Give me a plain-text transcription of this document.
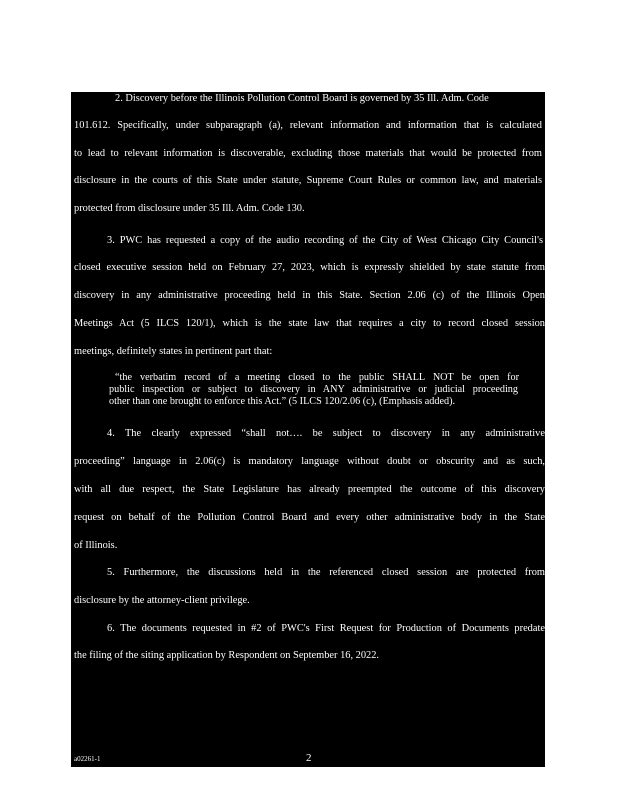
2. Discovery before the Illinois Pollution Control Board is governed by 35 Ill. Adm. Code
101.612. Specifically, under subparagraph (a), relevant information and information that is calculated
to lead to relevant information is discoverable, excluding those materials that would be protected from
disclosure in the courts of this State under statute, Supreme Court Rules or common law, and materials
protected from disclosure under 35 Ill. Adm. Code 130.
3. PWC has requested a copy of the audio recording of the City of West Chicago City Council's
closed executive session held on February 27, 2023, which is expressly shielded by state statute from
discovery in any administrative proceeding held in this State. Section 2.06 (c) of the Illinois Open
Meetings Act (5 ILCS 120/1), which is the state law that requires a city to record closed session
meetings, definitely states in pertinent part that:
“the verbatim record of a meeting closed to the public SHALL NOT be open for
public inspection or subject to discovery in ANY administrative or judicial proceeding
other than one brought to enforce this Act.” (5 ILCS 120/2.06 (c), (Emphasis added).
4. The clearly expressed “shall not…. be subject to discovery in any administrative
proceeding” language in 2.06(c) is mandatory language without doubt or obscurity and as such,
with all due respect, the State Legislature has already preempted the outcome of this discovery
request on behalf of the Pollution Control Board and every other administrative body in the State
of Illinois.
5. Furthermore, the discussions held in the referenced closed session are protected from
disclosure by the attorney-client privilege.
6. The documents requested in #2 of PWC's First Request for Production of Documents predate
the filing of the siting application by Respondent on September 16, 2022.
a02261-1	2
